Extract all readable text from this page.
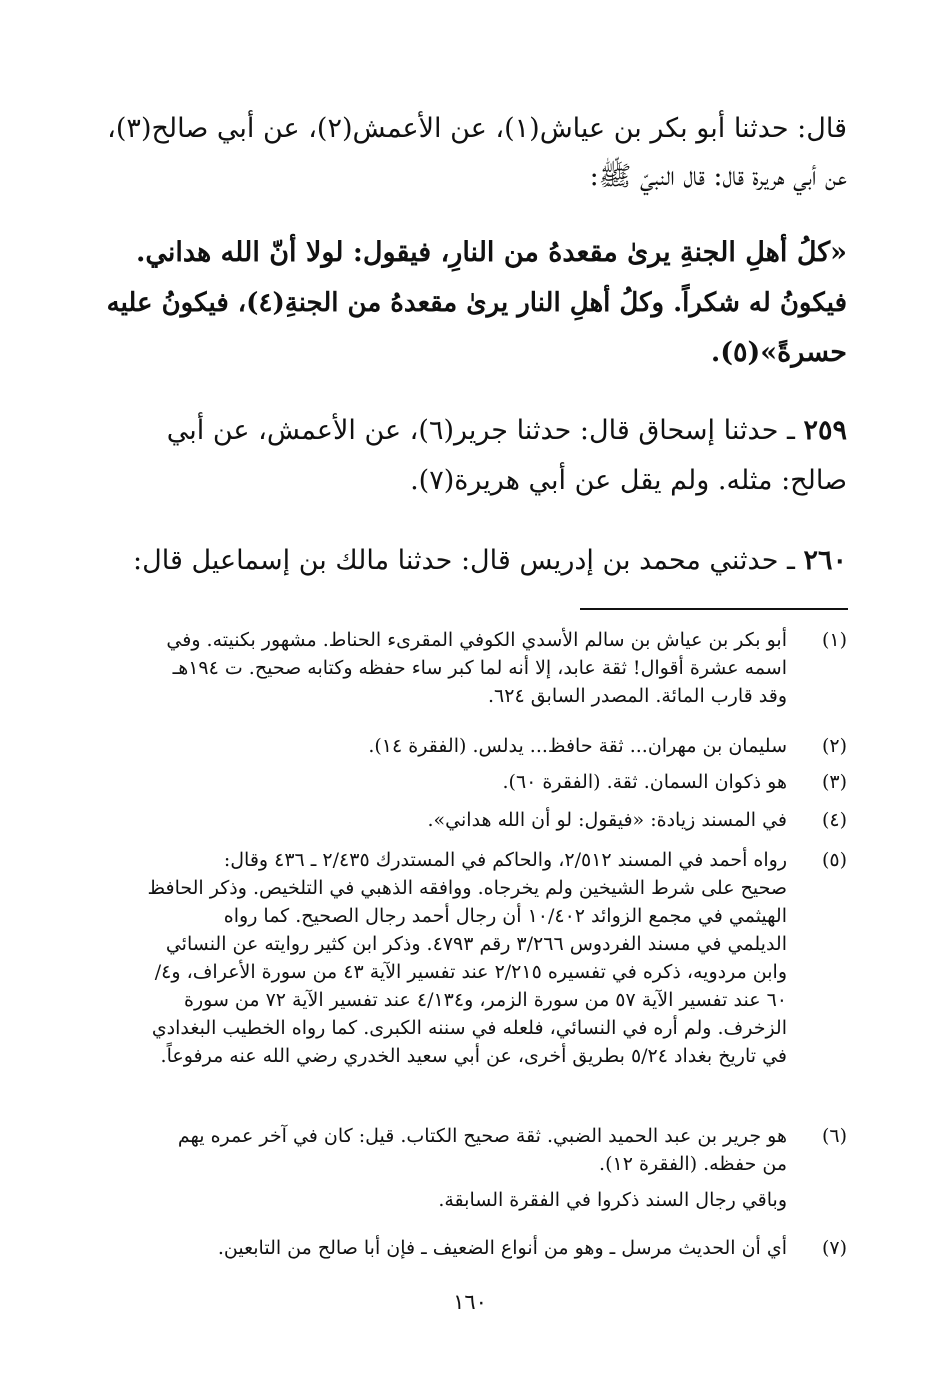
قال: حدثنا أبو بكر بن عياش(١)، عن الأعمش(٢)، عن أبي صالح(٣)،

عن أبي هريرة قال: قال النبيّ ﷺ:

«كلُ أهلِ الجنةِ يرىٰ مقعدهُ من النارِ، فيقول: لولا أنّ الله هداني.

فيكونُ له شكراً. وكلُ أهلِ النار يرىٰ مقعدهُ من الجنةِ(٤)، فيكونُ عليه

حسرةً»(٥).

٢٥٩ ـ حدثنا إسحاق قال: حدثنا جرير(٦)، عن الأعمش، عن أبي

صالح: مثله. ولم يقل عن أبي هريرة(٧).

٢٦٠ ـ حدثني محمد بن إدريس قال: حدثنا مالك بن إسماعيل قال:

(١)
أبو بكر بن عياش بن سالم الأسدي الكوفي المقرىء الحناط. مشهور بكنيته. وفي
اسمه عشرة أقوال! ثقة عابد، إلا أنه لما كبر ساء حفظه وكتابه صحيح. ت ١٩٤هـ
وقد قارب المائة. المصدر السابق ٦٢٤.
(٢)
سليمان بن مهران... ثقة حافظ... يدلس. (الفقرة ١٤).
(٣)
هو ذكوان السمان. ثقة. (الفقرة ٦٠).
(٤)
في المسند زيادة: «فيقول: لو أن الله هداني».
(٥)
رواه أحمد في المسند ٢/٥١٢، والحاكم في المستدرك ٢/٤٣٥ ـ ٤٣٦ وقال:
صحيح على شرط الشيخين ولم يخرجاه. ووافقه الذهبي في التلخيص. وذكر الحافظ
الهيثمي في مجمع الزوائد ١٠/٤٠٢ أن رجال أحمد رجال الصحيح. كما رواه
الديلمي في مسند الفردوس ٣/٢٦٦ رقم ٤٧٩٣. وذكر ابن كثير روايته عن النسائي
وابن مردويه، ذكره في تفسيره ٢/٢١٥ عند تفسير الآية ٤٣ من سورة الأعراف، و٤/
٦٠ عند تفسير الآية ٥٧ من سورة الزمر، و٤/١٣٤ عند تفسير الآية ٧٢ من سورة
الزخرف. ولم أره في النسائي، فلعله في سننه الكبرى. كما رواه الخطيب البغدادي
في تاريخ بغداد ٥/٢٤ بطريق أخرى، عن أبي سعيد الخدري رضي الله عنه مرفوعاً.
(٦)
هو جرير بن عبد الحميد الضبي. ثقة صحيح الكتاب. قيل: كان في آخر عمره يهم
من حفظه. (الفقرة ١٢).
وباقي رجال السند ذكروا في الفقرة السابقة.
(٧)
أي أن الحديث مرسل ـ وهو من أنواع الضعيف ـ فإن أبا صالح من التابعين.
١٦٠
